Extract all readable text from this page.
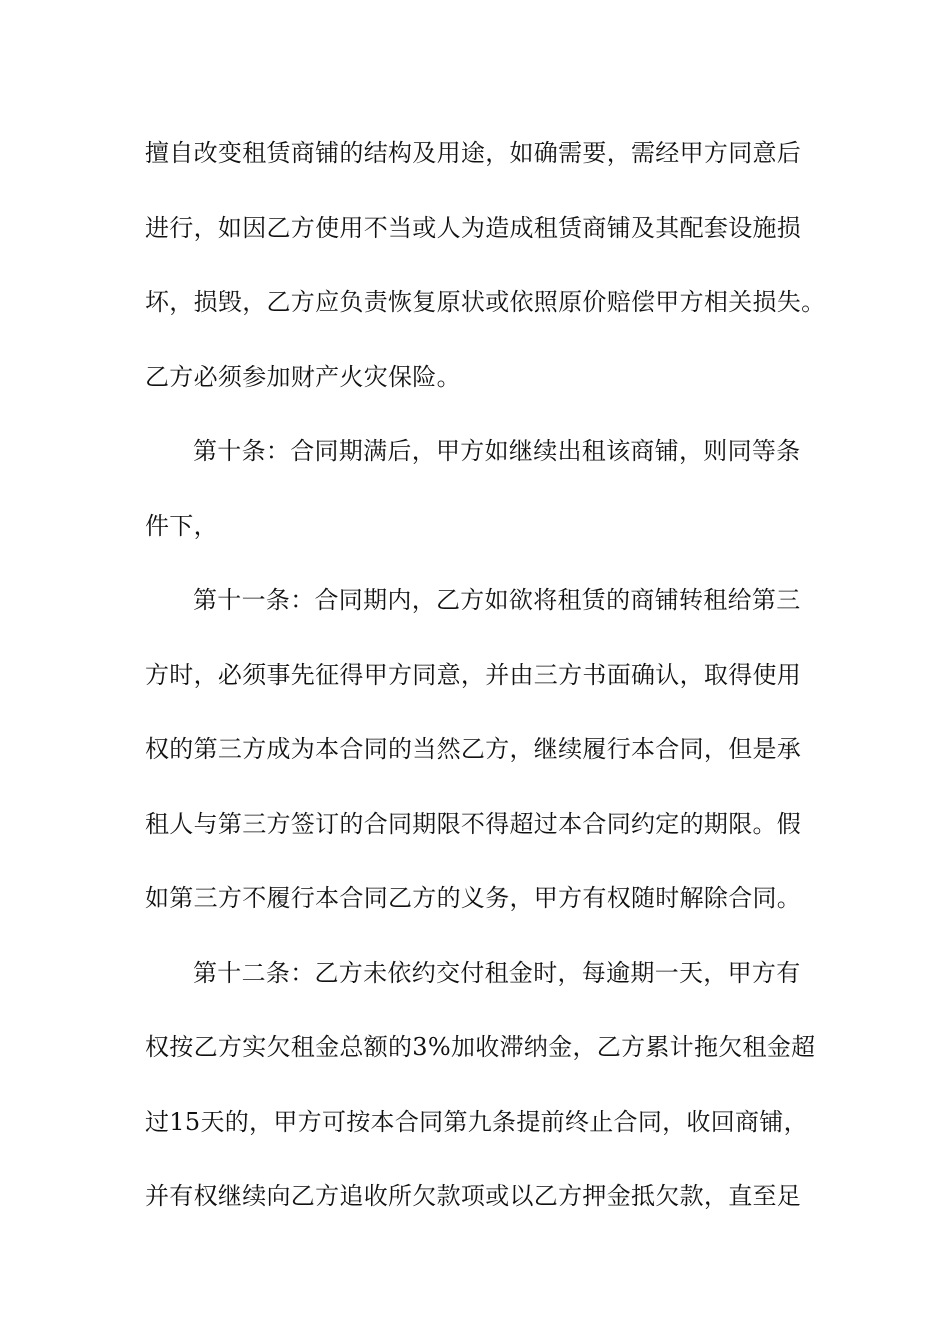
擅自改变租赁商铺的结构及用途，如确需要，需经甲方同意后
进行，如因乙方使用不当或人为造成租赁商铺及其配套设施损
坏，损毁，乙方应负责恢复原状或依照原价赔偿甲方相关损失。
乙方必须参加财产火灾保险。
第十条：合同期满后，甲方如继续出租该商铺，则同等条
件下，
第十一条：合同期内，乙方如欲将租赁的商铺转租给第三
方时，必须事先征得甲方同意，并由三方书面确认，取得使用
权的第三方成为本合同的当然乙方，继续履行本合同，但是承
租人与第三方签订的合同期限不得超过本合同约定的期限。假
如第三方不履行本合同乙方的义务，甲方有权随时解除合同。
第十二条：乙方未依约交付租金时，每逾期一天，甲方有
权按乙方实欠租金总额的3%加收滞纳金，乙方累计拖欠租金超
过15天的，甲方可按本合同第九条提前终止合同，收回商铺，
并有权继续向乙方追收所欠款项或以乙方押金抵欠款，直至足
